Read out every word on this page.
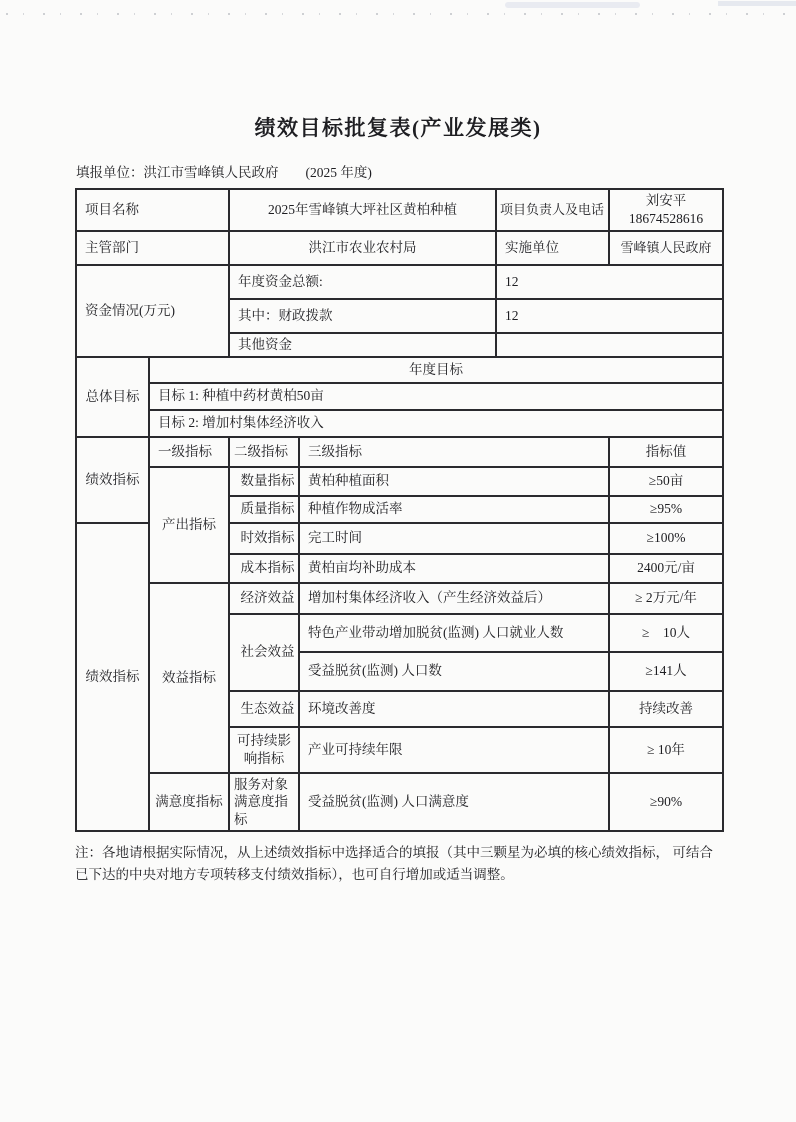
绩效目标批复表(产业发展类)
填报单位：洪江市雪峰镇人民政府 (2025 年度)
项目名称		2025年雪峰镇大坪社区黄柏种植		项目负责人及电话	刘安平
18674528616

主管部门		洪江市农业农村局		实施单位	雪峰镇人民政府
资金情况(万元)		年度资金总额:		12	
		其中：财政拨款		12	
		其他资金			
总体目标	年度目标				
	目标 1: 种植中药材黄柏50亩				
	目标 2: 增加村集体经济收入				
绩效指标	一级指标	二级指标	三级指标		指标值
	产出指标	数量指标	黄柏种植面积		≥50亩
		质量指标	种植作物成活率		≥95%
绩效指标		时效指标	完工时间		≥100%
		成本指标	黄柏亩均补助成本		2400元/亩
	效益指标	经济效益	增加村集体经济收入（产生经济效益后）		≥ 2万元/年
		社会效益	特色产业带动增加脱贫(监测) 人口就业人数		≥　10人
			受益脱贫(监测) 人口数		≥141人
		生态效益	环境改善度		持续改善
		可持续影响指标	产业可持续年限		≥ 10年
	满意度指标	服务对象满意度指标	受益脱贫(监测) 人口满意度		≥90%
注：各地请根据实际情况，从上述绩效指标中选择适合的填报（其中三颗星为必填的核心绩效指标， 可结合已下达的中央对地方专项转移支付绩效指标），也可自行增加或适当调整。
